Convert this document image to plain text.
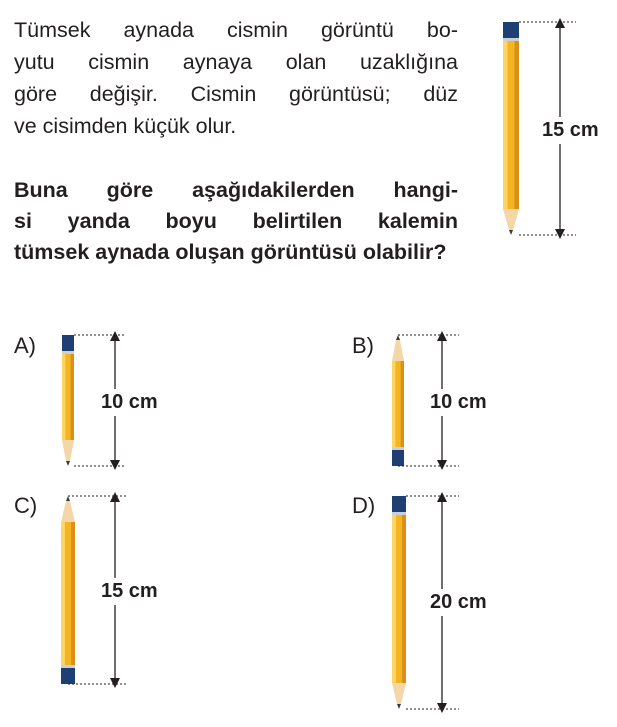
Tümsek aynada cismin görüntü bo-
yutu cismin aynaya olan uzaklığına
göre değişir. Cismin görüntüsü; düz
ve cisimden küçük olur.

Buna göre aşağıdakilerden hangi-
si yanda boyu belirtilen kalemin
tümsek aynada oluşan görüntüsü olabilir?

15 cm
A)	B)
C)	D)
10 cm	10 cm
15 cm	20 cm
